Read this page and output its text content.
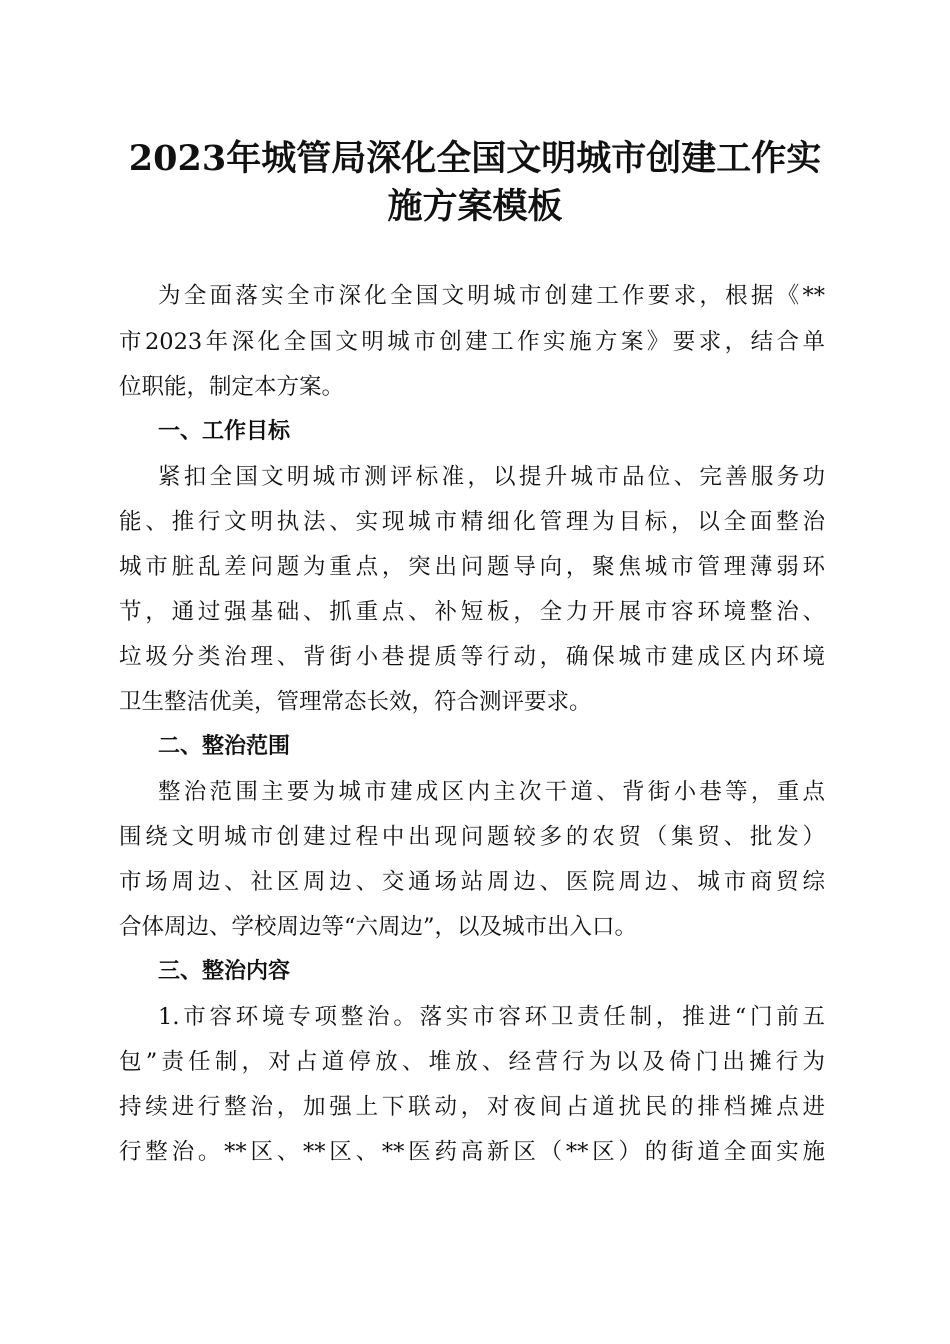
2023年城管局深化全国文明城市创建工作实
施方案模板
为全面落实全市深化全国文明城市创建工作要求，根据《**
市2023年深化全国文明城市创建工作实施方案》要求，结合单
位职能，制定本方案。
一、工作目标
紧扣全国文明城市测评标准，以提升城市品位、完善服务功
能、推行文明执法、实现城市精细化管理为目标，以全面整治
城市脏乱差问题为重点，突出问题导向，聚焦城市管理薄弱环
节，通过强基础、抓重点、补短板，全力开展市容环境整治、
垃圾分类治理、背街小巷提质等行动，确保城市建成区内环境
卫生整洁优美，管理常态长效，符合测评要求。
二、整治范围
整治范围主要为城市建成区内主次干道、背街小巷等，重点
围绕文明城市创建过程中出现问题较多的农贸（集贸、批发）
市场周边、社区周边、交通场站周边、医院周边、城市商贸综
合体周边、学校周边等“六周边”，以及城市出入口。
三、整治内容
1.市容环境专项整治。落实市容环卫责任制，推进“门前五
包”责任制，对占道停放、堆放、经营行为以及倚门出摊行为
持续进行整治，加强上下联动，对夜间占道扰民的排档摊点进
行整治。**区、**区、**医药高新区（**区）的街道全面实施
